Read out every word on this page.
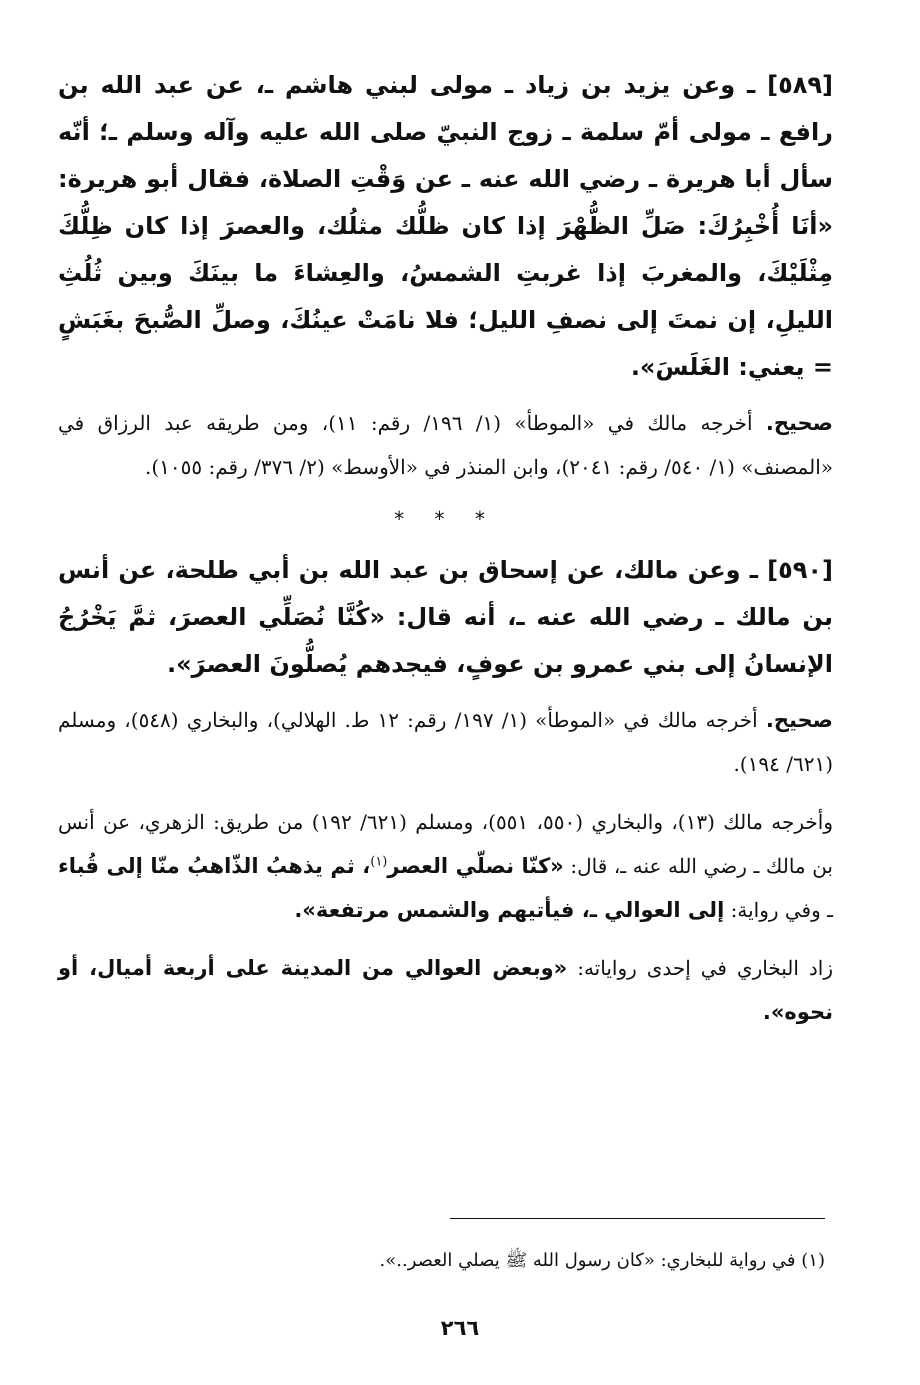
[٥٨٩] ـ وعن يزيد بن زياد ـ مولى لبني هاشم ـ، عن عبد الله بن رافع ـ مولى أمّ سلمة ـ زوج النبيّ صلى الله عليه وآله وسلم ـ؛ أنّه سأل أبا هريرة ـ رضي الله عنه ـ عن وَقْتِ الصلاة، فقال أبو هريرة: «أنَا أُخْبِرُكَ: صَلِّ الظُّهْرَ إذا كان ظلُّك مثلُك، والعصرَ إذا كان ظِلُّكَ مِثْلَيْكَ، والمغربَ إذا غربتِ الشمسُ، والعِشاءَ ما بينَكَ وبين ثُلُثِ الليلِ، إن نمتَ إلى نصفِ الليل؛ فلا نامَتْ عينُكَ، وصلِّ الصُّبحَ بغَبَشٍ = يعني: الغَلَسَ».

صحيح. أخرجه مالك في «الموطأ» (١/ ١٩٦/ رقم: ١١)، ومن طريقه عبد الرزاق في «المصنف» (١/ ٥٤٠/ رقم: ٢٠٤١)، وابن المنذر في «الأوسط» (٢/ ٣٧٦/ رقم: ١٠٥٥).

* * *

[٥٩٠] ـ وعن مالك، عن إسحاق بن عبد الله بن أبي طلحة، عن أنس بن مالك ـ رضي الله عنه ـ، أنه قال: «كُنَّا نُصَلِّي العصرَ، ثمَّ يَخْرُجُ الإنسانُ إلى بني عمرو بن عوفٍ، فيجدهم يُصلُّونَ العصرَ».

صحيح. أخرجه مالك في «الموطأ» (١/ ١٩٧/ رقم: ١٢ ط. الهلالي)، والبخاري (٥٤٨)، ومسلم (٦٢١/ ١٩٤).

وأخرجه مالك (١٣)، والبخاري (٥٥٠، ٥٥١)، ومسلم (٦٢١/ ١٩٢) من طريق: الزهري، عن أنس بن مالك ـ رضي الله عنه ـ، قال: «كنّا نصلّي العصر$^{(١)}$، ثم يذهبُ الذّاهبُ منّا إلى قُباء ـ وفي رواية: إلى العوالي ـ، فيأتيهم والشمس مرتفعة».

زاد البخاري في إحدى رواياته: «وبعض العوالي من المدينة على أربعة أميال، أو نحوه».

(١) في رواية للبخاري: «كان رسول الله ﷺ يصلي العصر..».
٢٦٦
